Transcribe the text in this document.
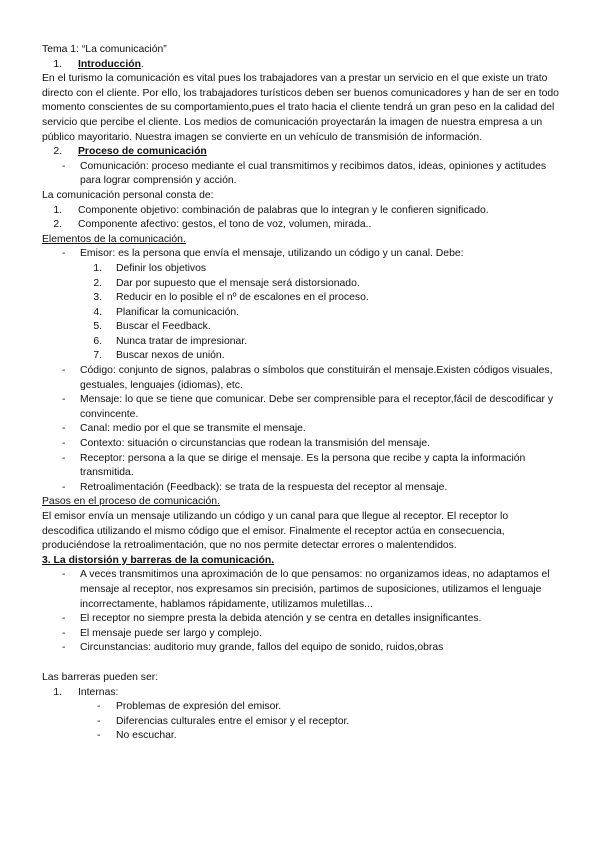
Tema 1: “La comunicación”

1. Introducción.

En el turismo la comunicación es vital pues los trabajadores van a prestar un servicio en el que existe un trato directo con el cliente. Por ello, los trabajadores turísticos deben ser buenos comunicadores y han de ser en todo momento conscientes de su comportamiento,pues el trato hacia el cliente tendrá un gran peso en la calidad del servicio que percibe el cliente. Los medios de comunicación proyectarán la imagen de nuestra empresa a un público mayoritario. Nuestra imagen se convierte en un vehículo de transmisión de información.

2. Proceso de comunicación
- Comunicación: proceso mediante el cual transmitimos y recibimos datos, ideas, opiniones y actitudes para lograr comprensión y acción.

La comunicación personal consta de:

1. Componente objetivo: combinación de palabras que lo integran y le confieren significado.
2. Componente afectivo: gestos, el tono de voz, volumen, mirada..

Elementos de la comunicación.

- Emisor: es la persona que envía el mensaje, utilizando un código y un canal. Debe:
1. Definir los objetivos
2. Dar por supuesto que el mensaje será distorsionado.
3. Reducir en lo posible el nº de escalones en el proceso.
4. Planificar la comunicación.
5. Buscar el Feedback.
6. Nunca tratar de impresionar.
7. Buscar nexos de unión.
- Código: conjunto de signos, palabras o símbolos que constituirán el mensaje.Existen códigos visuales, gestuales, lenguajes (idiomas), etc.
- Mensaje: lo que se tiene que comunicar. Debe ser comprensible para el receptor,fácil de descodificar y convincente.
- Canal: medio por el que se transmite el mensaje.
- Contexto: situación o circunstancias que rodean la transmisión del mensaje.
- Receptor: persona a la que se dirige el mensaje. Es la persona que recibe y capta la información transmitida.
- Retroalimentación (Feedback): se trata de la respuesta del receptor al mensaje.

Pasos en el proceso de comunicación.

El emisor envía un mensaje utilizando un código y un canal para que llegue al receptor. El receptor lo descodifica utilizando el mismo código que el emisor. Finalmente el receptor actúa en consecuencia, produciéndose la retroalimentación, que no nos permite detectar errores o malentendidos.

3. La distorsión y barreras de la comunicación.

- A veces transmitimos una aproximación de lo que pensamos: no organizamos ideas, no adaptamos el mensaje al receptor, nos expresamos sin precisión, partimos de suposiciones, utilizamos el lenguaje incorrectamente, hablamos rápidamente, utilizamos muletillas...
- El receptor no siempre presta la debida atención y se centra en detalles insignificantes.
- El mensaje puede ser largo y complejo.
- Circunstancias: auditorio muy grande, fallos del equipo de sonido, ruidos,obras

Las barreras pueden ser:

1. Internas:
- Problemas de expresión del emisor.
- Diferencias culturales entre el emisor y el receptor.
- No escuchar.
